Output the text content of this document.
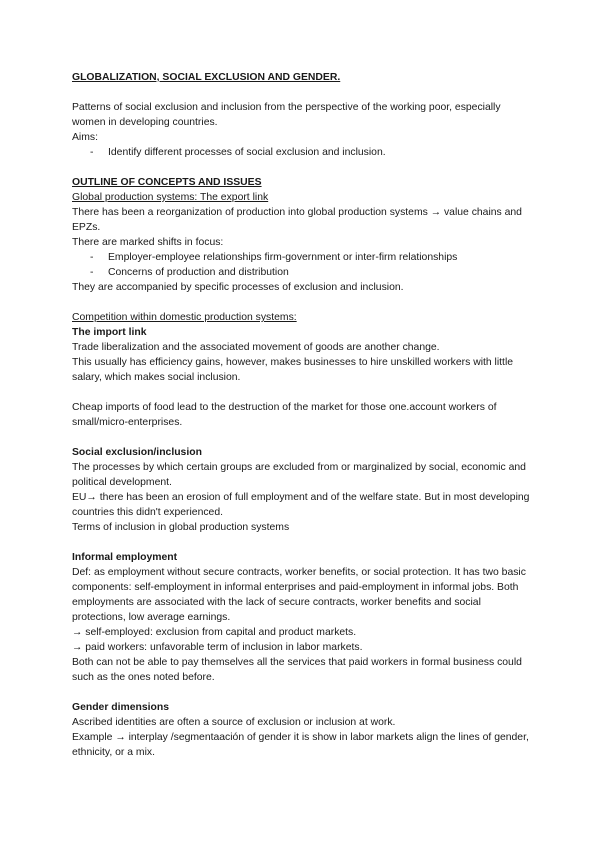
GLOBALIZATION, SOCIAL EXCLUSION AND GENDER.

Patterns of social exclusion and inclusion from the perspective of the working poor, especially women in developing countries.

Aims:

- Identify different processes of social exclusion and inclusion.

OUTLINE OF CONCEPTS AND ISSUES

Global production systems: The export link

There has been a reorganization of production into global production systems → value chains and EPZs.

There are marked shifts in focus:

- Employer-employee relationships firm-government or inter-firm relationships
- Concerns of production and distribution

They are accompanied by specific processes of exclusion and inclusion.

Competition within domestic production systems:

The import link

Trade liberalization and the associated movement of goods are another change.

This usually has efficiency gains, however, makes businesses to hire unskilled workers with little salary, which makes social inclusion.

Cheap imports of food lead to the destruction of the market for those one.account workers of small/micro-enterprises.

Social exclusion/inclusion

The processes by which certain groups are excluded from or marginalized by social, economic and political development.

EU→ there has been an erosion of full employment and of the welfare state. But in most developing countries this didn't experienced.

Terms of inclusion in global production systems

Informal employment

Def: as employment without secure contracts, worker benefits, or social protection. It has two basic components: self-employment in informal enterprises and paid-employment in informal jobs. Both employments are associated with the lack of secure contracts, worker benefits and social protections, low average earnings.

→ self-employed: exclusion from capital and product markets.

→ paid workers: unfavorable term of inclusion in labor markets.

Both can not be able to pay themselves all the services that paid workers in formal business could such as the ones noted before.

Gender dimensions

Ascribed identities are often a source of exclusion or inclusion at work.

Example → interplay /segmentaación of gender it is show in labor markets align the lines of gender, ethnicity, or a mix.
